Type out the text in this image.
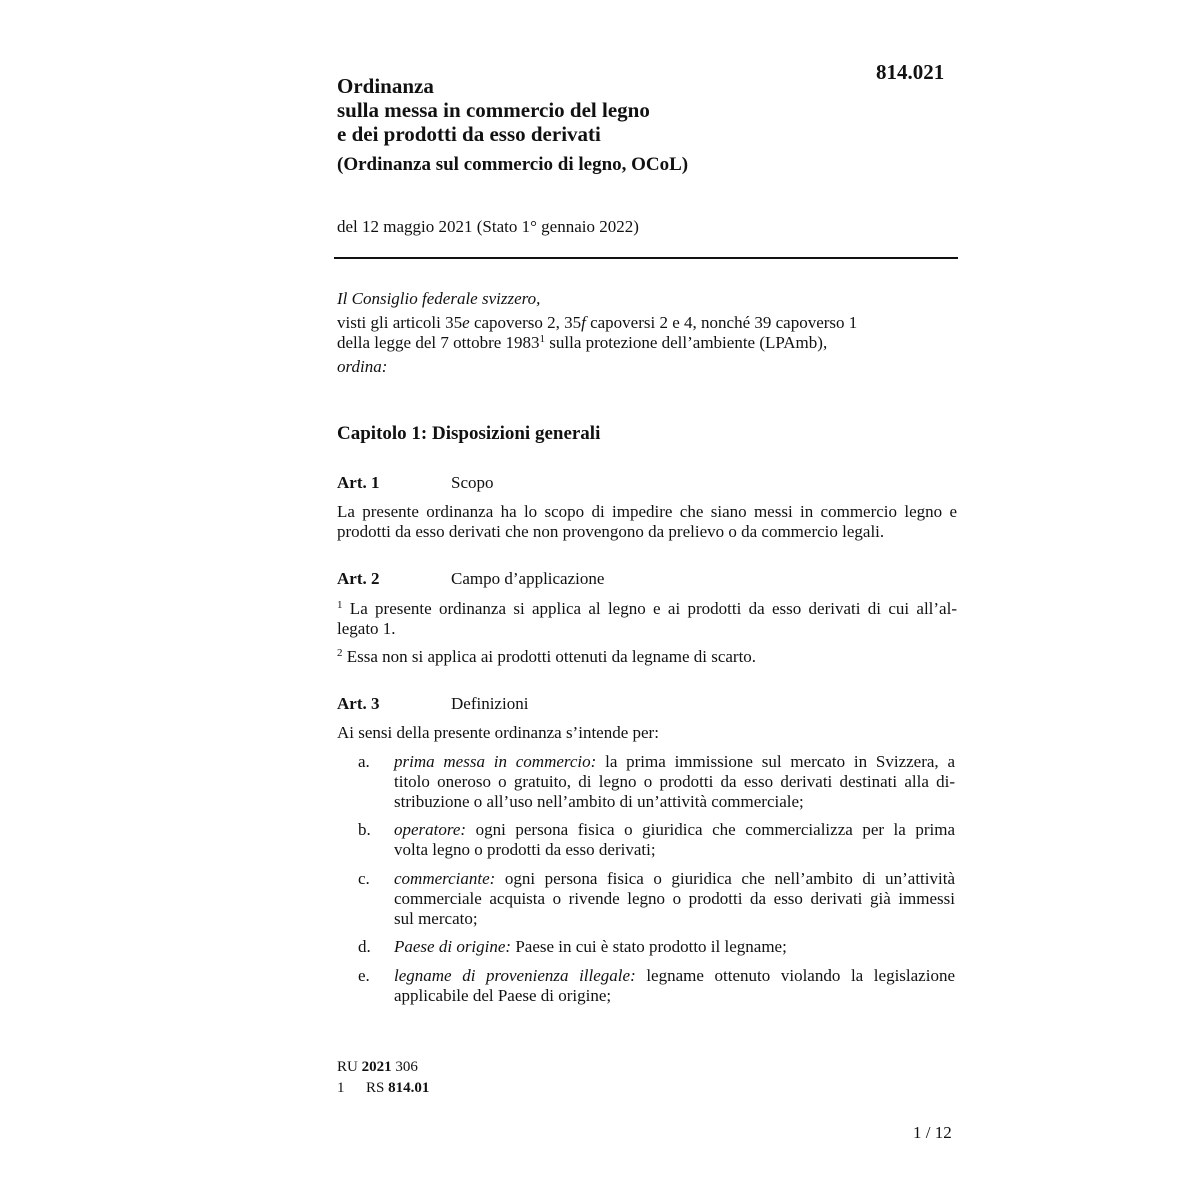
814.021
Ordinanza
sulla messa in commercio del legno
e dei prodotti da esso derivati
(Ordinanza sul commercio di legno, OCoL)
del 12 maggio 2021 (Stato 1° gennaio 2022)
Il Consiglio federale svizzero,
visti gli articoli 35e capoverso 2, 35f capoversi 2 e 4, nonché 39 capoverso 1
della legge del 7 ottobre 1983$^1$ sulla protezione dell’ambiente (LPAmb),
ordina:
Capitolo 1: Disposizioni generali
Art. 1	Scopo
La presente ordinanza ha lo scopo di impedire che siano messi in commercio legno e
prodotti da esso derivati che non provengono da prelievo o da commercio legali.
Art. 2	Campo d’applicazione
$^1$ La presente ordinanza si applica al legno e ai prodotti da esso derivati di cui all’al-
legato 1.
$^2$ Essa non si applica ai prodotti ottenuti da legname di scarto.
Art. 3	Definizioni
Ai sensi della presente ordinanza s’intende per:
a. prima messa in commercio: la prima immissione sul mercato in Svizzera, a
titolo oneroso o gratuito, di legno o prodotti da esso derivati destinati alla di-
stribuzione o all’uso nell’ambito di un’attività commerciale;
b. operatore: ogni persona fisica o giuridica che commercializza per la prima
volta legno o prodotti da esso derivati;
c. commerciante: ogni persona fisica o giuridica che nell’ambito di un’attività
commerciale acquista o rivende legno o prodotti da esso derivati già immessi
sul mercato;
d. Paese di origine: Paese in cui è stato prodotto il legname;
e. legname di provenienza illegale: legname ottenuto violando la legislazione
applicabile del Paese di origine;
RU 2021 306
1 RS 814.01
1 / 12
